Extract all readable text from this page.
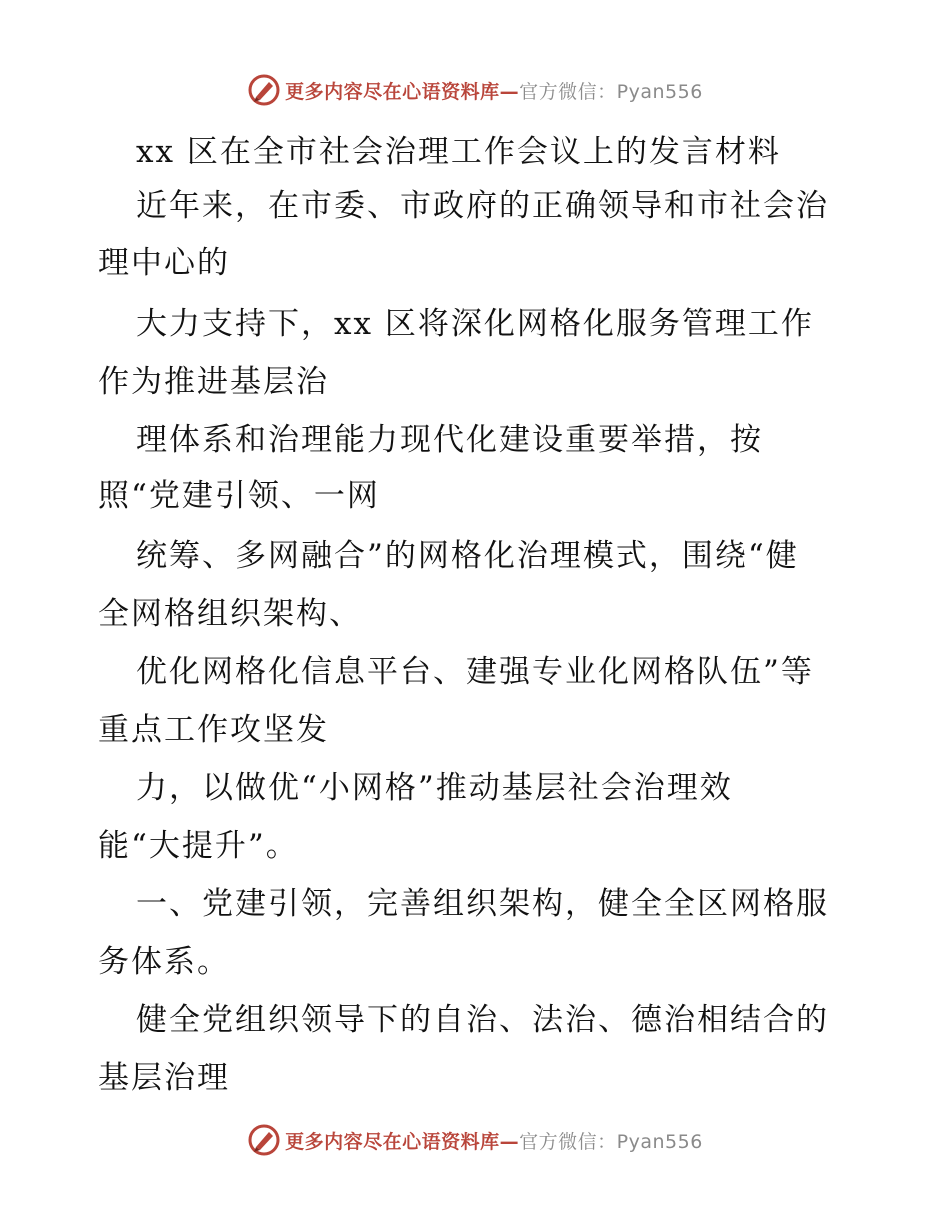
更多内容尽在心语资料库—官方微信：Pyan556
xx 区在全市社会治理工作会议上的发言材料
近年来，在市委、市政府的正确领导和市社会治
理中心的
大力支持下，xx 区将深化网格化服务管理工作
作为推进基层治
理体系和治理能力现代化建设重要举措，按
照“党建引领、一网
统筹、多网融合”的网格化治理模式，围绕“健
全网格组织架构、
优化网格化信息平台、建强专业化网格队伍”等
重点工作攻坚发
力，以做优“小网格”推动基层社会治理效
能“大提升”。
一、党建引领，完善组织架构，健全全区网格服
务体系。
健全党组织领导下的自治、法治、德治相结合的
基层治理
更多内容尽在心语资料库—官方微信：Pyan556
